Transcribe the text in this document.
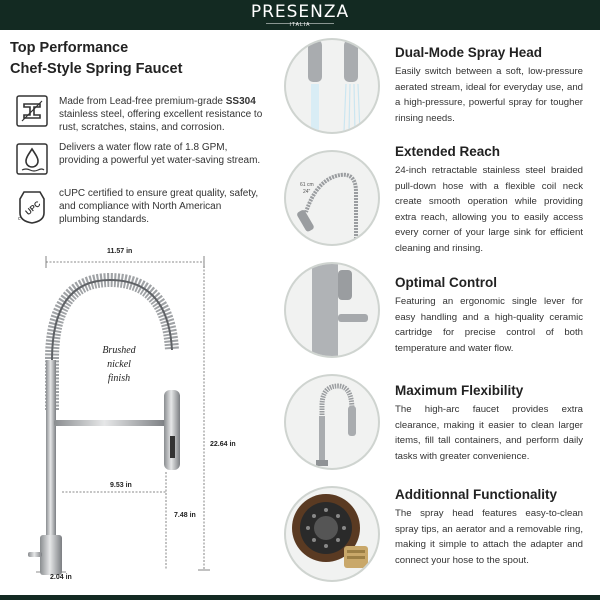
PRESENZA
ITALIA
Top Performance
Chef-Style Spring Faucet
Made from Lead-free premium-grade SS304 stainless steel, offering excellent resistance to rust, scratches, stains, and corrosion.
Delivers a water flow rate of 1.8 GPM, providing a powerful yet water-saving stream.
UPC
c
cUPC certified to ensure great quality, safety, and compliance with North American plumbing standards.
11.57 in
22.64 in
9.53 in
7.48 in
2.04 in
Brushed
nickel
finish
61 cm
24"
Dual-Mode Spray Head
Easily switch between a soft, low-pressure aerated stream, ideal for everyday use, and a high-pressure, powerful spray for tougher rinsing needs.
Extended Reach
24-inch retractable stainless steel braided pull-down hose with a flexible coil neck create smooth operation while providing extra reach, allowing you to easily access every corner of your large sink for efficient cleaning and rinsing.
Optimal Control
Featuring an ergonomic single lever for easy handling and a high-quality ceramic cartridge for precise control of both temperature and water flow.
Maximum Flexibility
The high-arc faucet provides extra clearance, making it easier to clean larger items, fill tall containers, and perform daily tasks with greater convenience.
Additionnal Functionality
The spray head features easy-to-clean spray tips, an aerator and a removable ring, making it simple to attach the adapter and connect your hose to the spout.
